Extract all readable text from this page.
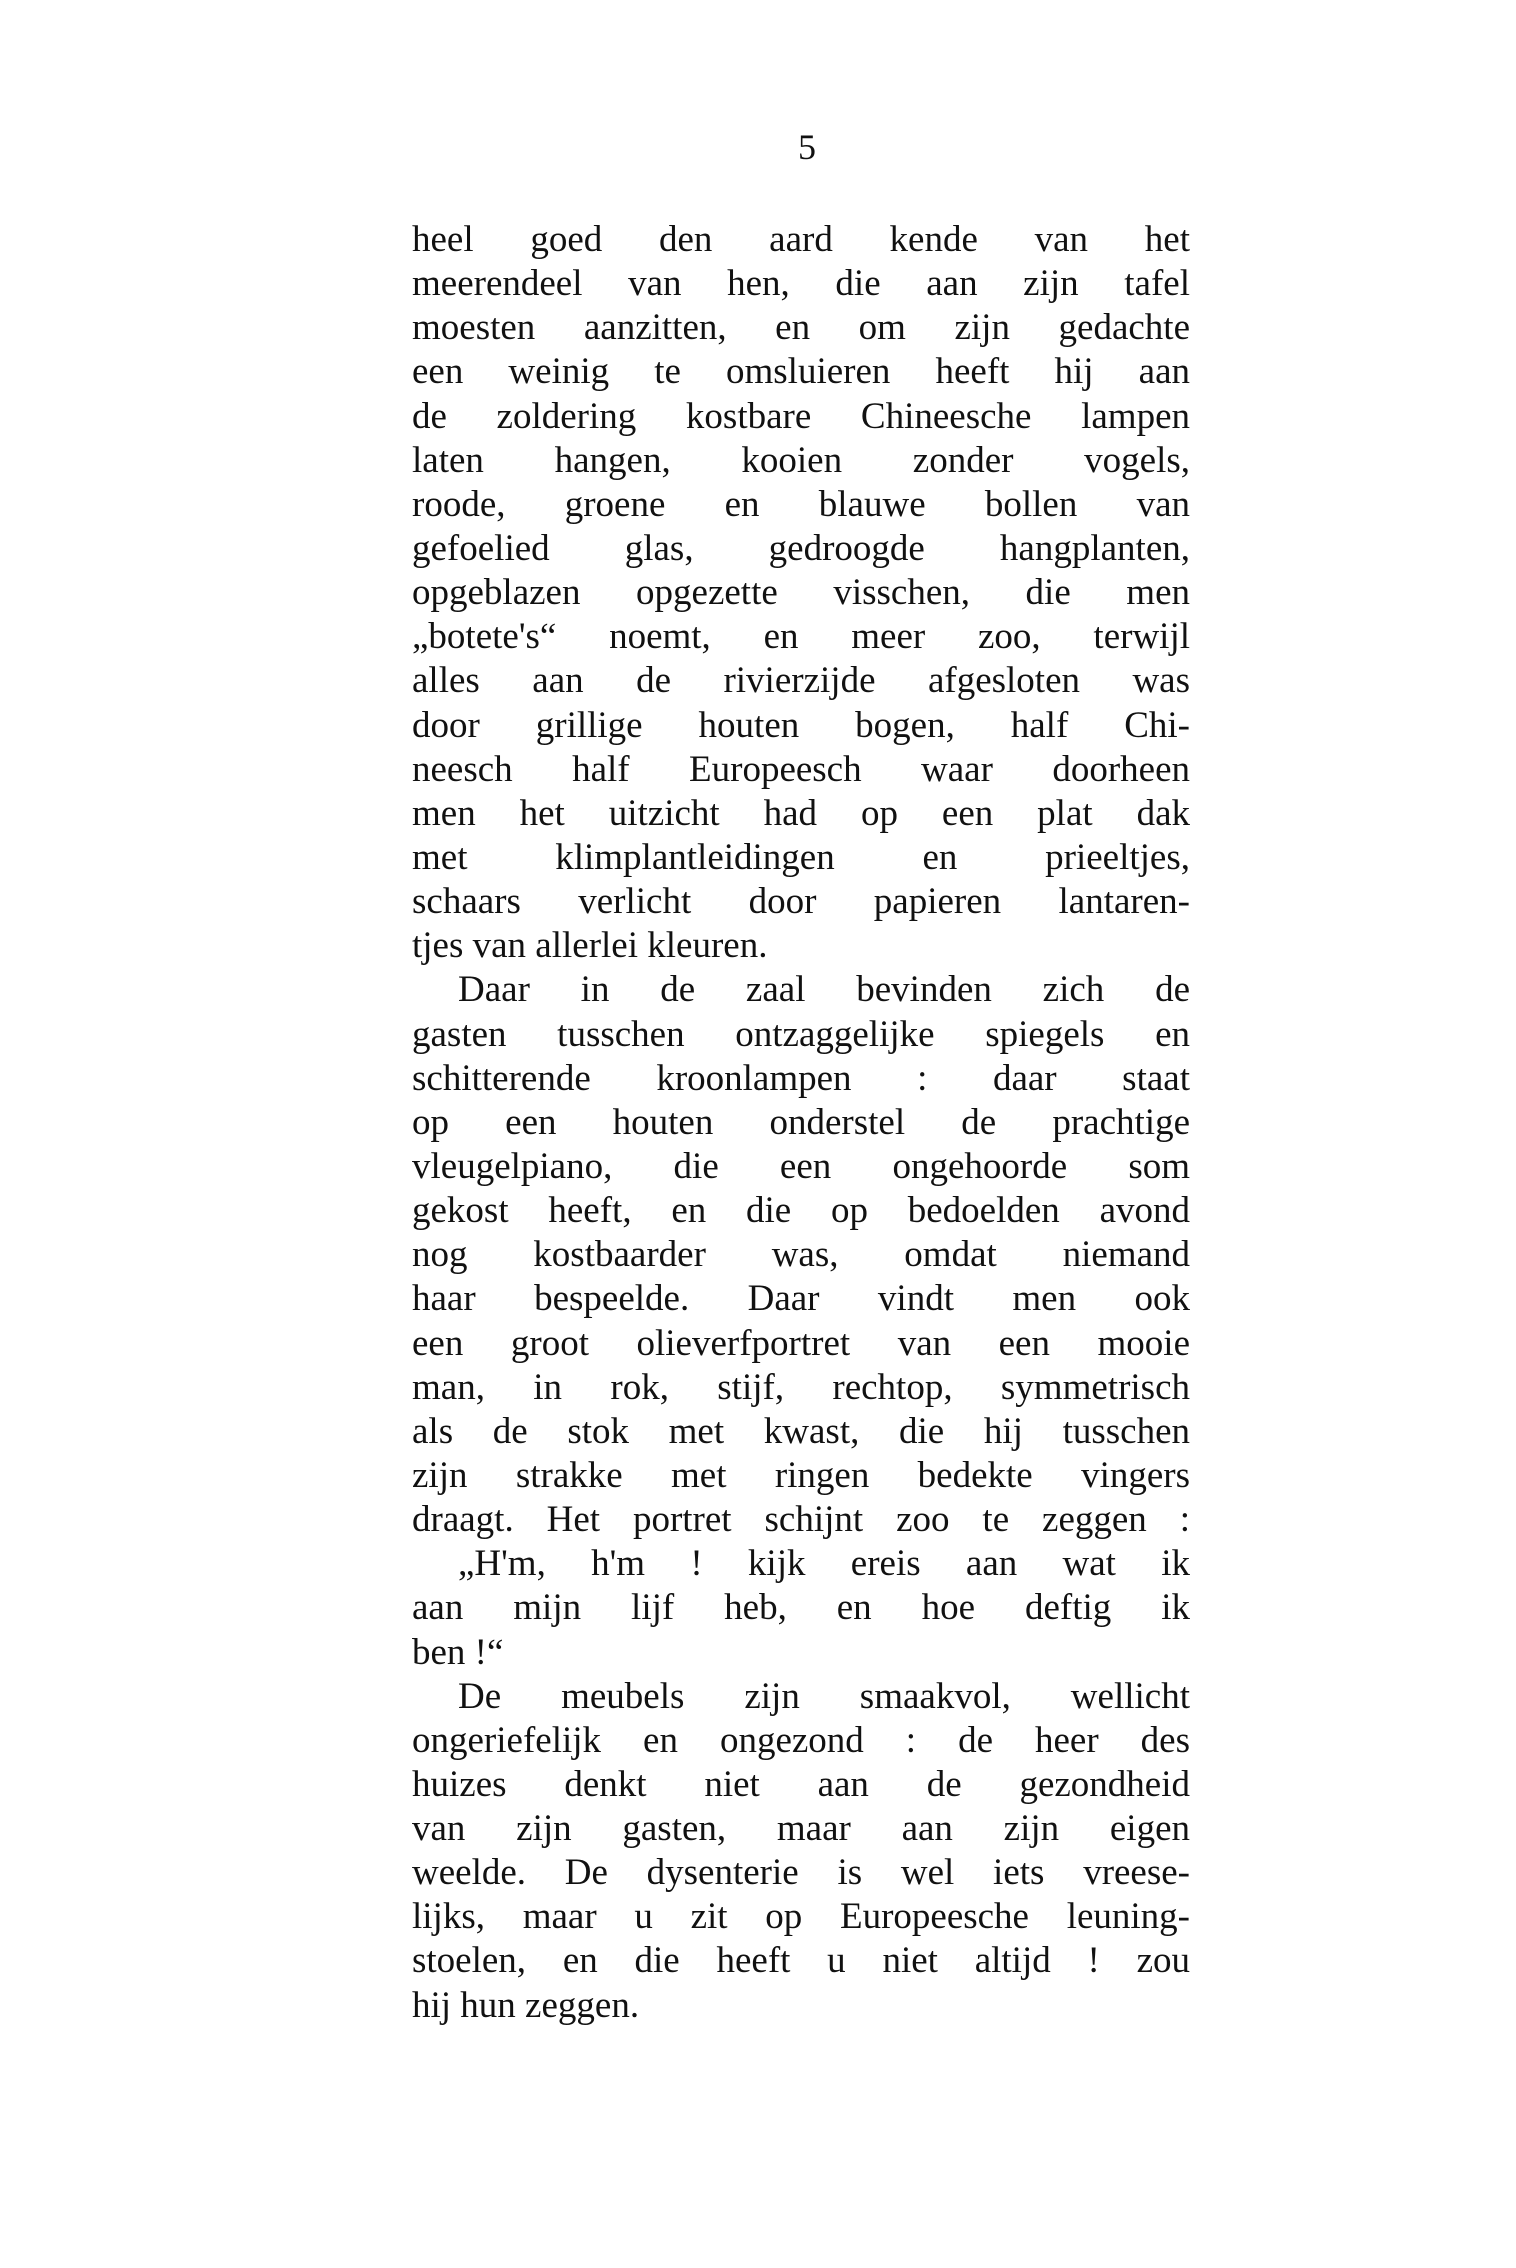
5
heel goed den aard kende van het
meerendeel van hen, die aan zijn tafel
moesten aanzitten, en om zijn gedachte
een weinig te omsluieren heeft hij aan
de zoldering kostbare Chineesche lampen
laten hangen, kooien zonder vogels,
roode, groene en blauwe bollen van
gefoelied glas, gedroogde hangplanten,
opgeblazen opgezette visschen, die men
„botete's“ noemt, en meer zoo, terwijl
alles aan de rivierzijde afgesloten was
door grillige houten bogen, half Chi-
neesch half Europeesch waar doorheen
men het uitzicht had op een plat dak
met klimplantleidingen en prieeltjes,
schaars verlicht door papieren lantaren-
tjes van allerlei kleuren.
Daar in de zaal bevinden zich de
gasten tusschen ontzaggelijke spiegels en
schitterende kroonlampen : daar staat
op een houten onderstel de prachtige
vleugelpiano, die een ongehoorde som
gekost heeft, en die op bedoelden avond
nog kostbaarder was, omdat niemand
haar bespeelde. Daar vindt men ook
een groot olieverfportret van een mooie
man, in rok, stijf, rechtop, symmetrisch
als de stok met kwast, die hij tusschen
zijn strakke met ringen bedekte vingers
draagt. Het portret schijnt zoo te zeggen :
„H'm, h'm ! kijk ereis aan wat ik
aan mijn lijf heb, en hoe deftig ik
ben !“
De meubels zijn smaakvol, wellicht
ongeriefelijk en ongezond : de heer des
huizes denkt niet aan de gezondheid
van zijn gasten, maar aan zijn eigen
weelde. De dysenterie is wel iets vreese-
lijks, maar u zit op Europeesche leuning-
stoelen, en die heeft u niet altijd ! zou
hij hun zeggen.
